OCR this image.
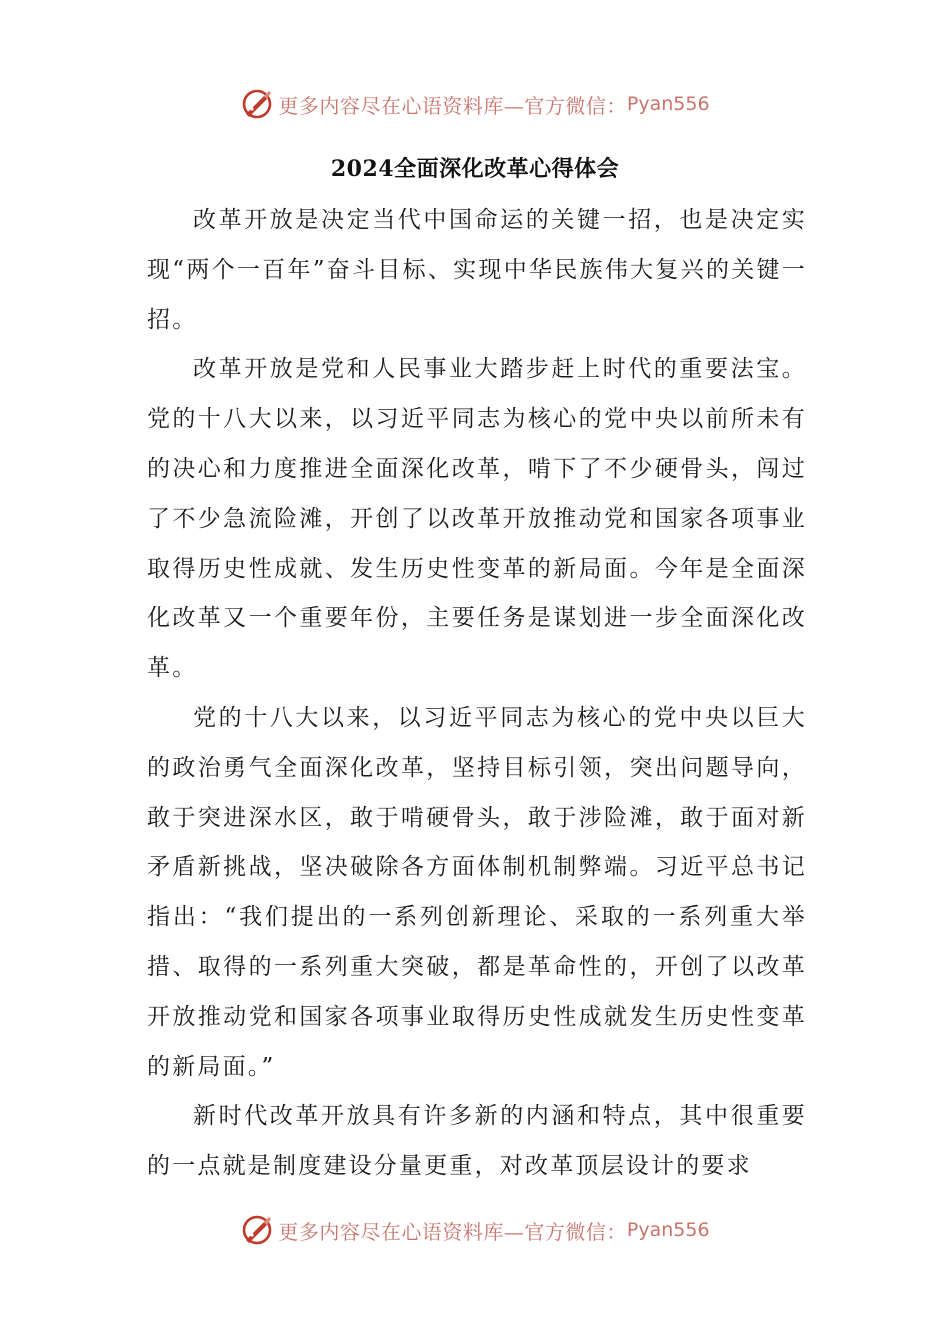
更多内容尽在心语资料库—官方微信： Pyan556
2024全面深化改革心得体会

改革开放是决定当代中国命运的关键一招，也是决定实现“两个一百年”奋斗目标、实现中华民族伟大复兴的关键一招。

改革开放是党和人民事业大踏步赶上时代的重要法宝。党的十八大以来，以习近平同志为核心的党中央以前所未有的决心和力度推进全面深化改革，啃下了不少硬骨头，闯过了不少急流险滩，开创了以改革开放推动党和国家各项事业取得历史性成就、发生历史性变革的新局面。今年是全面深化改革又一个重要年份，主要任务是谋划进一步全面深化改革。

党的十八大以来，以习近平同志为核心的党中央以巨大的政治勇气全面深化改革，坚持目标引领，突出问题导向，敢于突进深水区，敢于啃硬骨头，敢于涉险滩，敢于面对新矛盾新挑战，坚决破除各方面体制机制弊端。习近平总书记指出：“我们提出的一系列创新理论、采取的一系列重大举措、取得的一系列重大突破，都是革命性的，开创了以改革开放推动党和国家各项事业取得历史性成就发生历史性变革的新局面。”

新时代改革开放具有许多新的内涵和特点，其中很重要的一点就是制度建设分量更重，对改革顶层设计的要求

更多内容尽在心语资料库—官方微信： Pyan556
